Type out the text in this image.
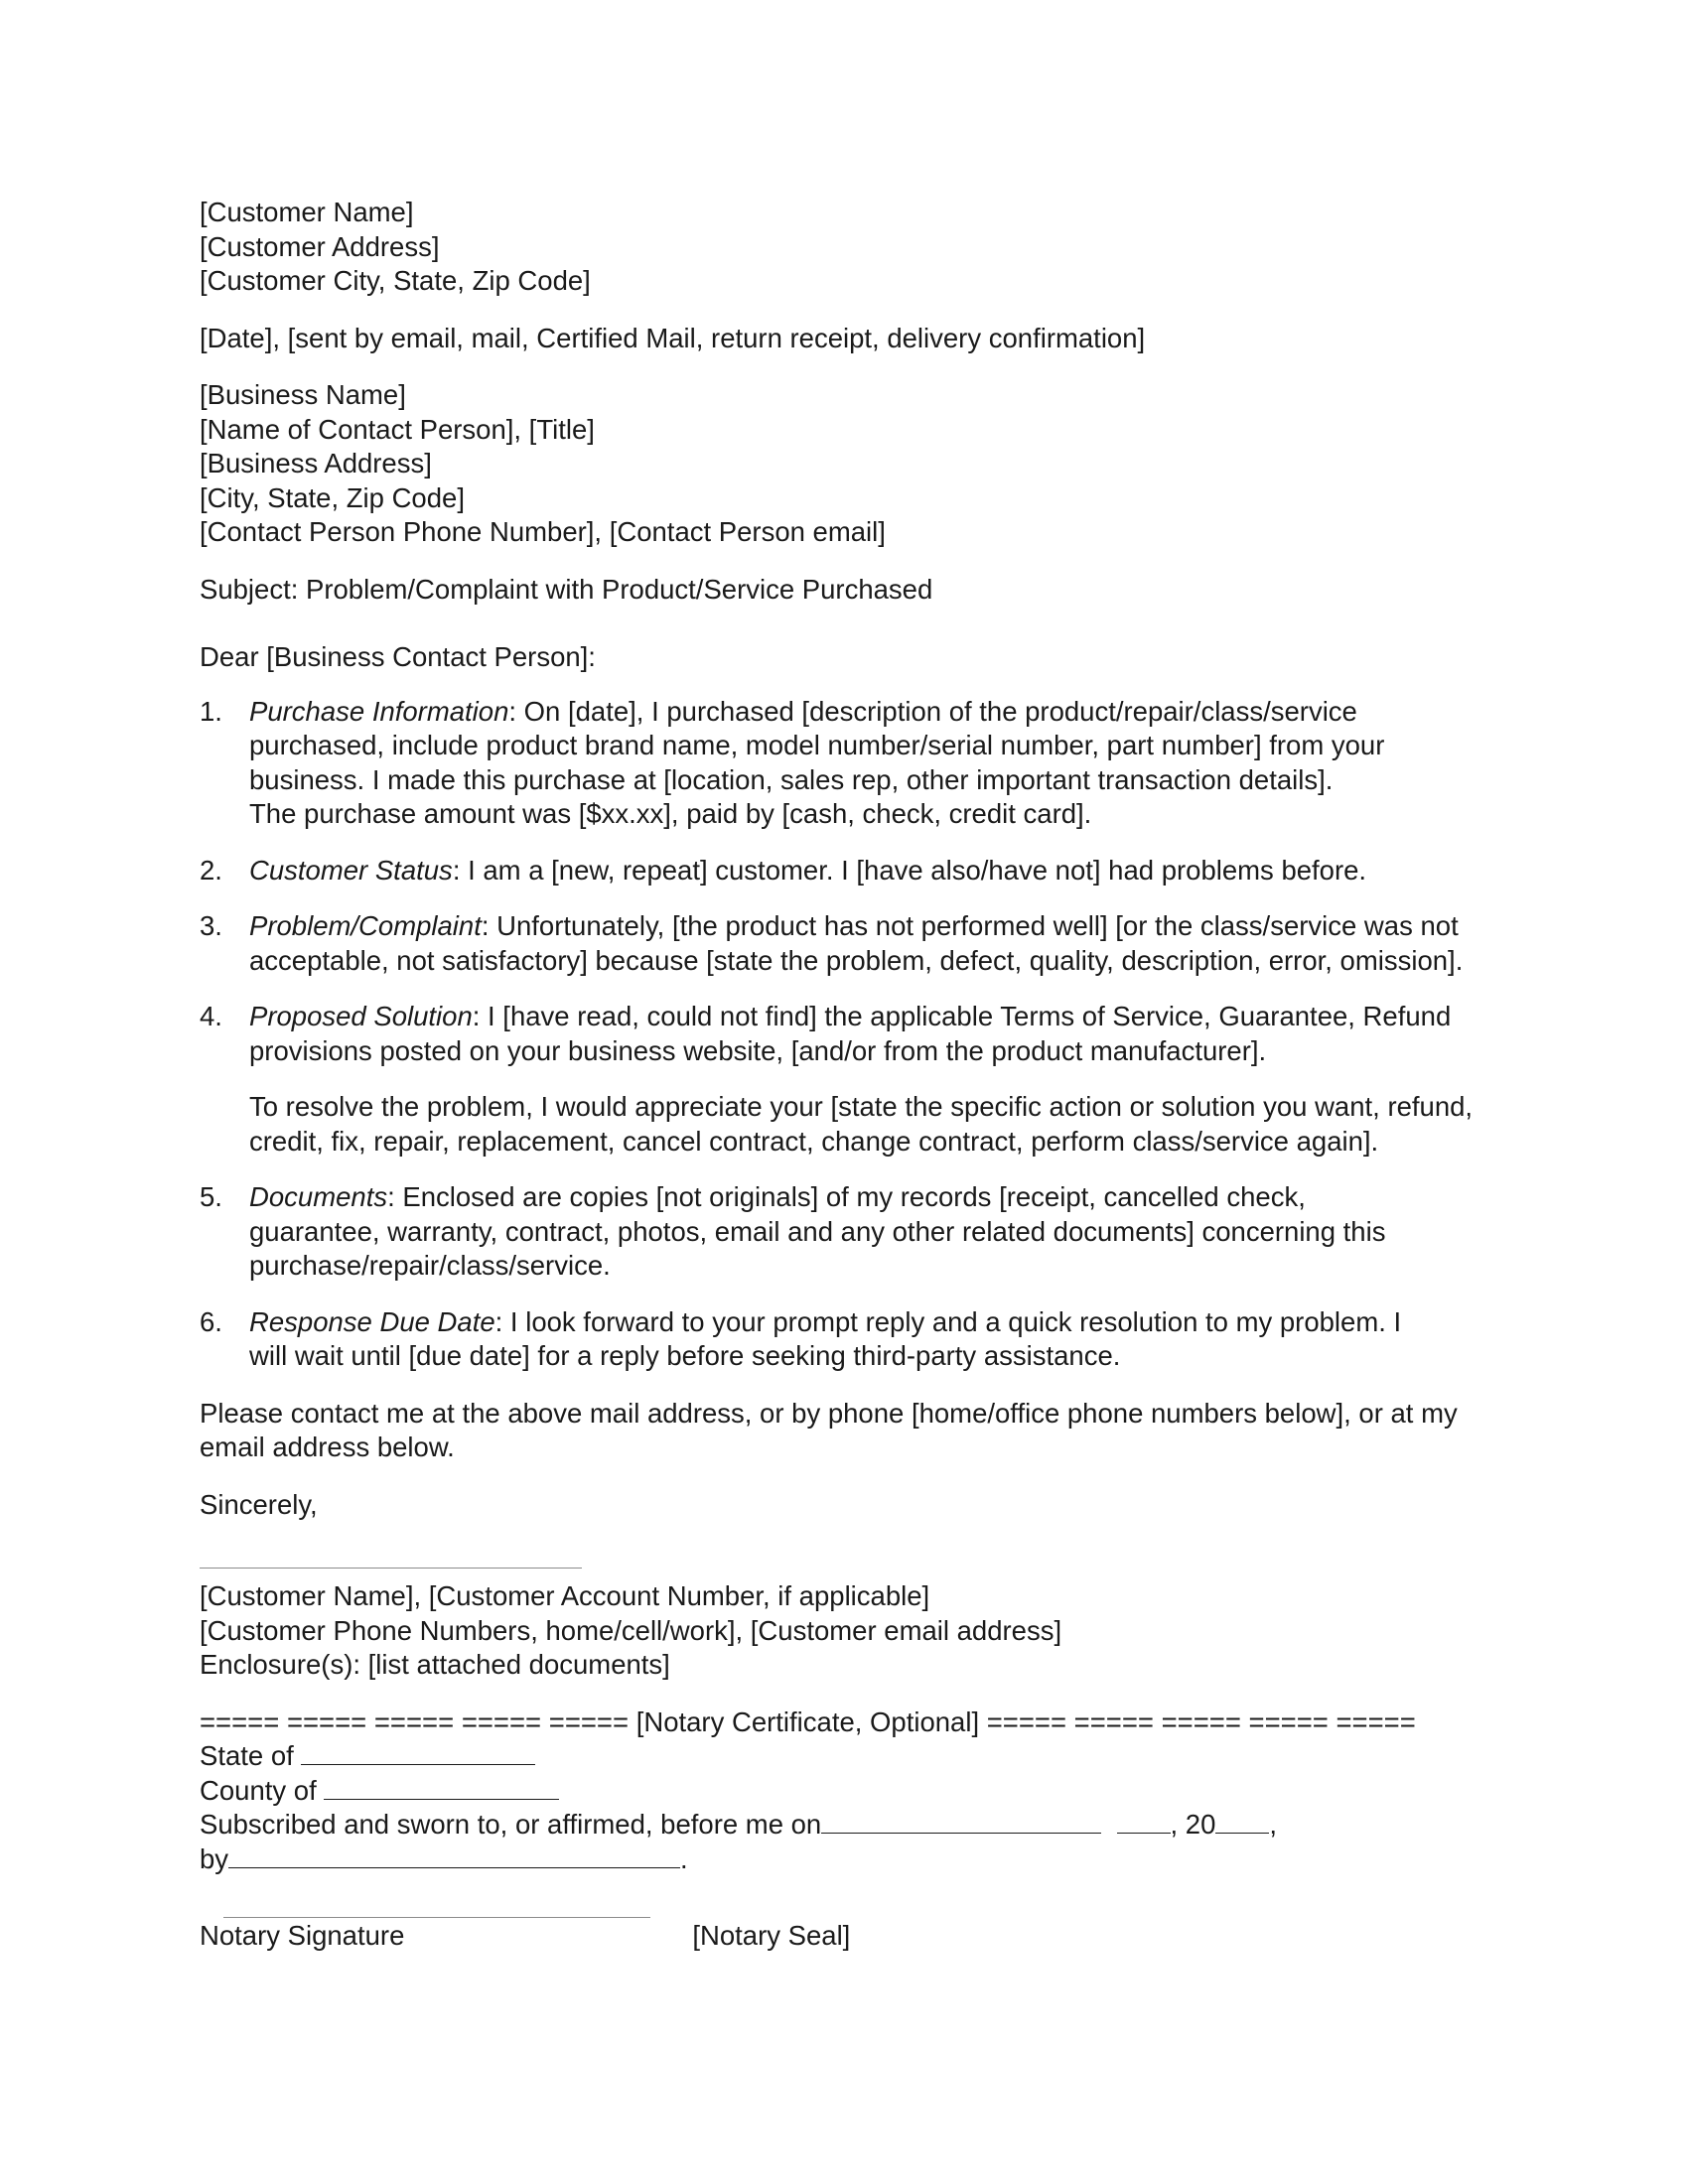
[Customer Name]
[Customer Address]
[Customer City, State, Zip Code]
[Date], [sent by email, mail, Certified Mail, return receipt, delivery confirmation]
[Business Name]
[Name of Contact Person], [Title]
[Business Address]
[City, State, Zip Code]
[Contact Person Phone Number], [Contact Person email]
Subject: Problem/Complaint with Product/Service Purchased
Dear [Business Contact Person]:
1. Purchase Information: On [date], I purchased [description of the product/repair/class/service
purchased, include product brand name, model number/serial number, part number] from your
business. I made this purchase at [location, sales rep, other important transaction details].
The purchase amount was [$xx.xx], paid by [cash, check, credit card].
2. Customer Status: I am a [new, repeat] customer. I [have also/have not] had problems before.
3. Problem/Complaint: Unfortunately, [the product has not performed well] [or the class/service was not
acceptable, not satisfactory] because [state the problem, defect, quality, description, error, omission].
4. Proposed Solution: I [have read, could not find] the applicable Terms of Service, Guarantee, Refund
provisions posted on your business website, [and/or from the product manufacturer].
To resolve the problem, I would appreciate your [state the specific action or solution you want, refund,
credit, fix, repair, replacement, cancel contract, change contract, perform class/service again].
5. Documents: Enclosed are copies [not originals] of my records [receipt, cancelled check,
guarantee, warranty, contract, photos, email and any other related documents] concerning this
purchase/repair/class/service.
6. Response Due Date: I look forward to your prompt reply and a quick resolution to my problem. I
will wait until [due date] for a reply before seeking third-party assistance.
Please contact me at the above mail address, or by phone [home/office phone numbers below], or at my
email address below.
Sincerely,
[Customer Name], [Customer Account Number, if applicable]
[Customer Phone Numbers, home/cell/work], [Customer email address]
Enclosure(s): [list attached documents]
===== ===== ===== ===== ===== [Notary Certificate, Optional] ===== ===== ===== ===== =====
State of
County of
Subscribed and sworn to, or affirmed, before me on	, 20 ,
by	.
Notary Signature	[Notary Seal]
